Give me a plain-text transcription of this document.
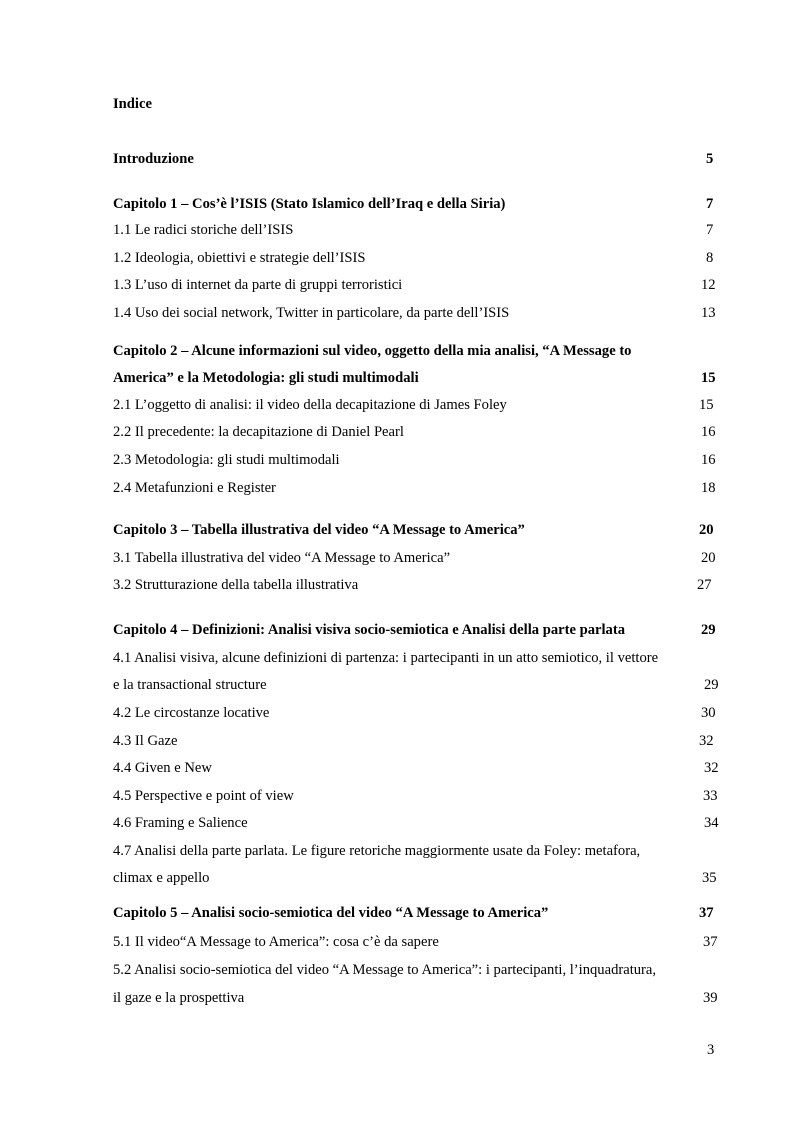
Indice
Introduzione	5
Capitolo 1 – Cos’è l’ISIS (Stato Islamico dell’Iraq e della Siria)	7
1.1 Le radici storiche dell’ISIS	7
1.2 Ideologia, obiettivi e strategie dell’ISIS	8
1.3 L’uso di internet da parte di gruppi terroristici	12
1.4 Uso dei social network, Twitter in particolare, da parte dell’ISIS	13
Capitolo 2 – Alcune informazioni sul video, oggetto della mia analisi, “A Message to
America” e la Metodologia: gli studi multimodali	15
2.1 L’oggetto di analisi: il video della decapitazione di James Foley	15
2.2 Il precedente: la decapitazione di Daniel Pearl	16
2.3 Metodologia: gli studi multimodali	16
2.4 Metafunzioni e Register	18
Capitolo 3 – Tabella illustrativa del video “A Message to America”	20
3.1 Tabella illustrativa del video “A Message to America”	20
3.2 Strutturazione della tabella illustrativa	27
Capitolo 4 – Definizioni: Analisi visiva socio-semiotica e Analisi della parte parlata	29
4.1 Analisi visiva, alcune definizioni di partenza: i partecipanti in un atto semiotico, il vettore
e la transactional structure	29
4.2 Le circostanze locative	30
4.3 Il Gaze	32
4.4 Given e New	32
4.5 Perspective e point of view	33
4.6 Framing e Salience	34
4.7 Analisi della parte parlata. Le figure retoriche maggiormente usate da Foley: metafora,
climax e appello	35
Capitolo 5 – Analisi socio-semiotica del video “A Message to America”	37
5.1 Il video“A Message to America”: cosa c’è da sapere	37
5.2 Analisi socio-semiotica del video “A Message to America”: i partecipanti, l’inquadratura,
il gaze e la prospettiva	39
3
